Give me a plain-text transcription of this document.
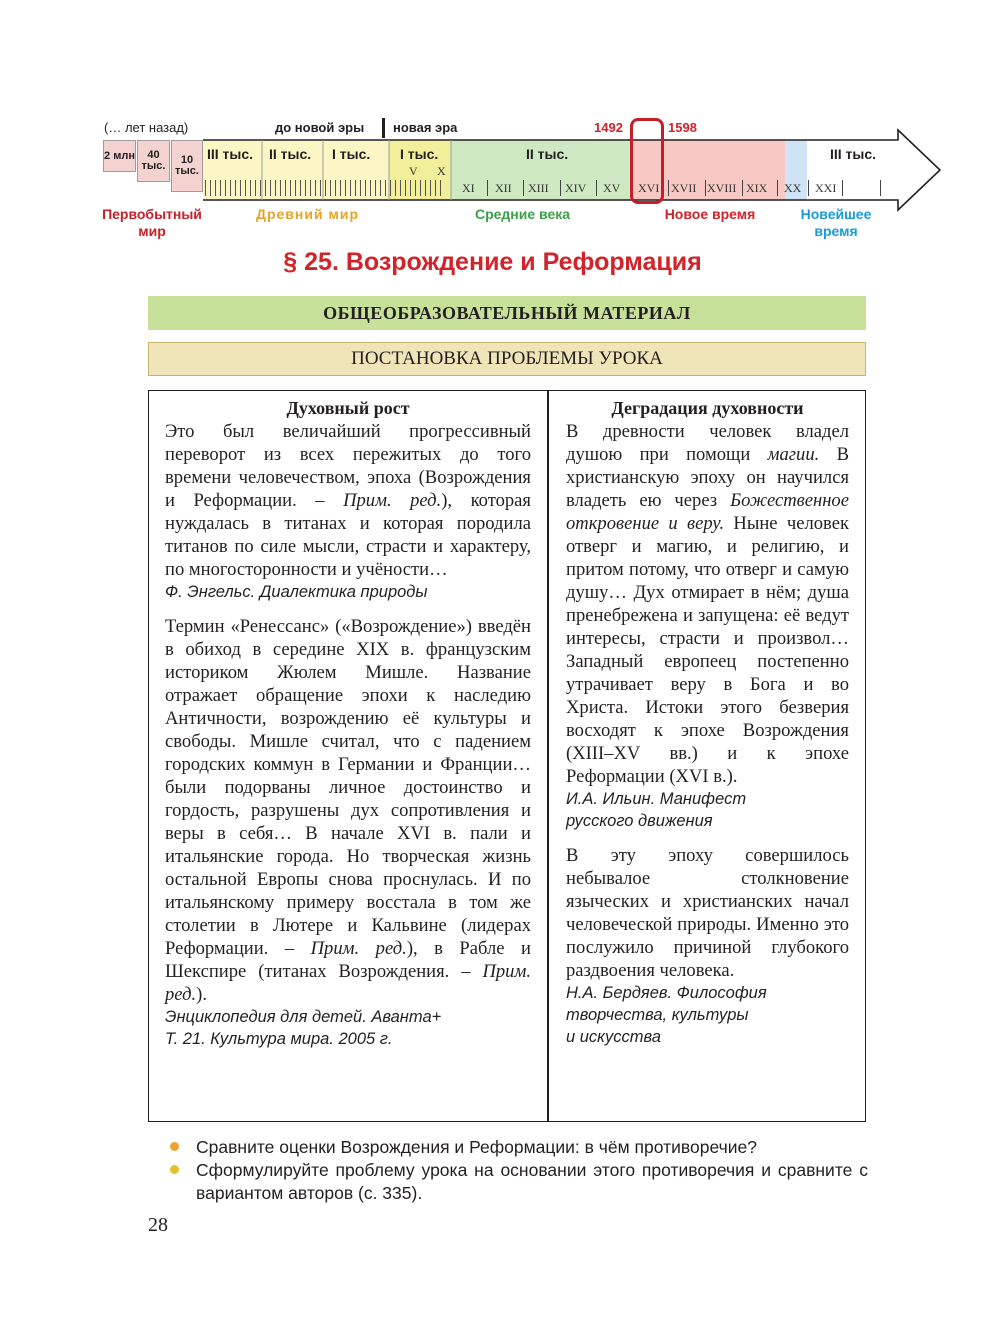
(… лет назад)	до новой эры новая эра	1492	1598
2 млн	40 тыс.	10 тыс.
III тыс. II тыс. I тыс. I тыс.	II тыс.	III тыс.
V X
XI XII XIII XIV XV XVI XVII XVIII XIX XX XXI
Первобытный мир
Древний мир	Средние века	Новое время	Новейшее время
§ 25. Возрождение и Реформация
ОБЩЕОБРАЗОВАТЕЛЬНЫЙ МАТЕРИАЛ
ПОСТАНОВКА ПРОБЛЕМЫ УРОКА
Духовный рост

Это был величайший прогрессивный переворот из всех пережитых до того времени человечеством, эпоха (Возрождения и Реформации. – Прим. ред.), которая нуждалась в титанах и которая породила титанов по силе мысли, страсти и характеру, по многосторонности и учёности…

Ф. Энгельс. Диалектика природы

Термин «Ренессанс» («Возрождение») введён в обиход в середине XIX в. французским историком Жюлем Мишле. Название отражает обращение эпохи к наследию Античности, возрождению её культуры и свободы. Мишле считал, что с падением городских коммун в Германии и Франции… были подорваны личное достоинство и гордость, разрушены дух сопротивления и веры в себя… В начале XVI в. пали и итальянские города. Но творческая жизнь остальной Европы снова проснулась. И по итальянскому примеру восстала в том же столетии в Лютере и Кальвине (лидерах Реформации. – Прим. ред.), в Рабле и Шекспире (титанах Возрождения. – Прим. ред.).

Энциклопедия для детей. Аванта+
Т. 21. Культура мира. 2005 г.

Деградация духовности

В древности человек владел душою при помощи магии. В христианскую эпоху он научился владеть ею через Божественное откровение и веру. Ныне человек отверг и магию, и религию, и притом потому, что отверг и самую душу… Дух отмирает в нём; душа пренебрежена и запущена: её ведут интересы, страсти и произвол… Западный европеец постепенно утрачивает веру в Бога и во Христа. Истоки этого безверия восходят к эпохе Возрождения (XIII–XV вв.) и к эпохе Реформации (XVI в.).

И.А. Ильин. Манифест
русского движения

В эту эпоху совершилось небывалое столкновение языческих и христианских начал человеческой природы. Именно это послужило причиной глубокого раздвоения человека.

Н.А. Бердяев. Философия
творчества, культуры
и искусства

Сравните оценки Возрождения и Реформации: в чём противоречие?
Сформулируйте проблему урока на основании этого противоречия и сравните с вариантом авторов (с. 335).
28
